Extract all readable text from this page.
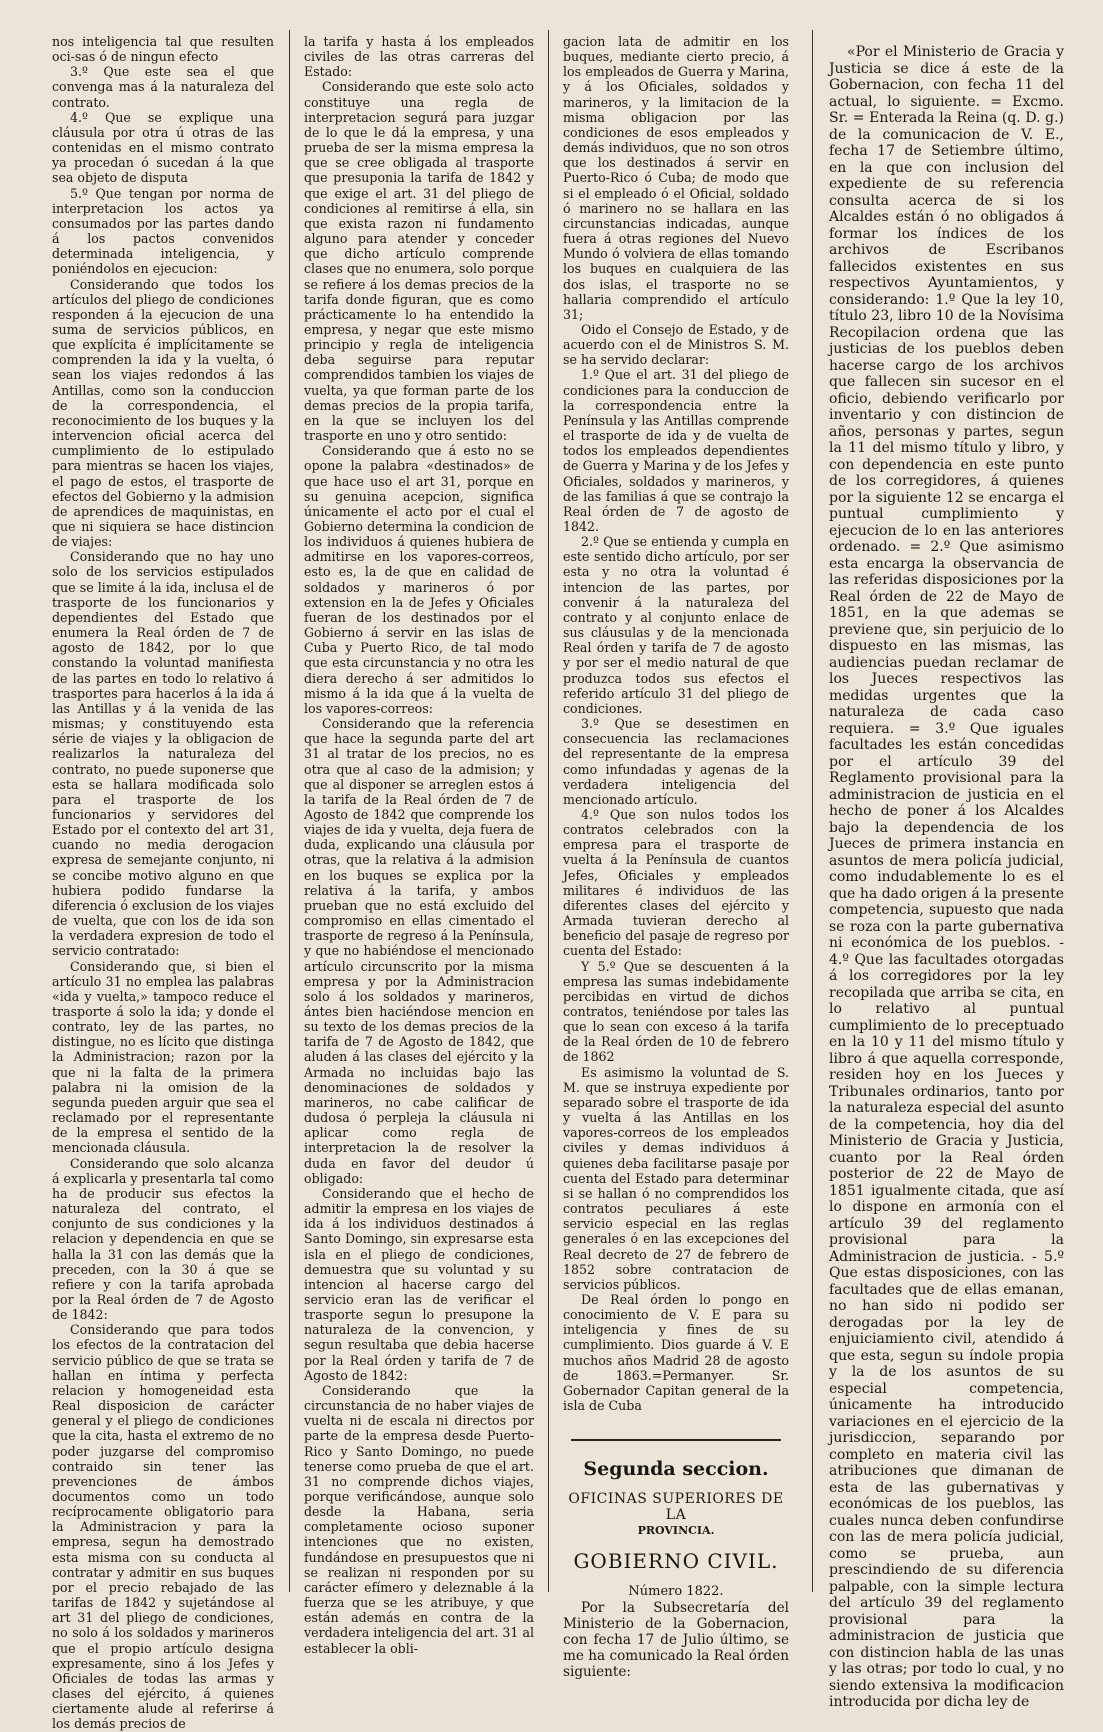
nos inteligencia tal que resulten oci-sas ó de ningun efecto

3.º Que este sea el que convenga mas á la naturaleza del contrato.

4.º Que se explique una cláusula por otra ú otras de las contenidas en el mismo contrato ya procedan ó sucedan á la que sea objeto de disputa

5.º Que tengan por norma de interpretacion los actos ya consumados por las partes dando á los pactos convenidos determinada inteligencia, y poniéndolos en ejecucion:

Considerando que todos los artículos del pliego de condiciones responden á la ejecucion de una suma de servicios públicos, en que explícita é implícitamente se comprenden la ida y la vuelta, ó sean los viajes redondos á las Antillas, como son la conduccion de la correspondencia, el reconocimiento de los buques y la intervencion oficial acerca del cumplimiento de lo estipulado para mientras se hacen los viajes, el pago de estos, el trasporte de efectos del Gobierno y la admision de aprendices de maquinistas, en que ni siquiera se hace distincion de viajes:

Considerando que no hay uno solo de los servicios estipulados que se limite á la ida, inclusa el de trasporte de los funcionarios y dependientes del Estado que enumera la Real órden de 7 de agosto de 1842, por lo que constando la voluntad manifiesta de las partes en todo lo relativo á trasportes para hacerlos á la ida á las Antillas y á la venida de las mismas; y constituyendo esta série de viajes y la obligacion de realizarlos la naturaleza del contrato, no puede suponerse que esta se hallara modificada solo para el trasporte de los funcionarios y servidores del Estado por el contexto del art 31, cuando no media derogacion expresa de semejante conjunto, ni se concibe motivo alguno en que hubiera podido fundarse la diferencia ó exclusion de los viajes de vuelta, que con los de ida son la verdadera expresion de todo el servicio contratado:

Considerando que, si bien el artículo 31 no emplea las palabras «ida y vuelta,» tampoco reduce el trasporte á solo la ida; y donde el contrato, ley de las partes, no distingue, no es lícito que distinga la Administracion; razon por la que ni la falta de la primera palabra ni la omision de la segunda pueden arguir que sea el reclamado por el representante de la empresa el sentido de la mencionada cláusula.

Considerando que solo alcanza á explicarla y presentarla tal como ha de producir sus efectos la naturaleza del contrato, el conjunto de sus condiciones y la relacion y dependencia en que se halla la 31 con las demás que la preceden, con la 30 á que se refiere y con la tarifa aprobada por la Real órden de 7 de Agosto de 1842:

Considerando que para todos los efectos de la contratacion del servicio público de que se trata se hallan en íntima y perfecta relacion y homogeneidad esta Real disposicion de carácter general y el pliego de condiciones que la cita, hasta el extremo de no poder juzgarse del compromiso contraido sin tener las prevenciones de ámbos documentos como un todo recíprocamente obligatorio para la Administracion y para la empresa, segun ha demostrado esta misma con su conducta al contratar y admitir en sus buques por el precio rebajado de las tarifas de 1842 y sujetándose al art 31 del pliego de condiciones, no solo á los soldados y marineros que el propio artículo designa expresamente, sino á los Jefes y Oficiales de todas las armas y clases del ejército, á quienes ciertamente alude al referirse á los demás precios de

la tarifa y hasta á los empleados civiles de las otras carreras del Estado:

Considerando que este solo acto constituye una regla de interpretacion segurá para juzgar de lo que le dá la empresa, y una prueba de ser la misma empresa la que se cree obligada al trasporte que presuponia la tarifa de 1842 y que exige el art. 31 del pliego de condiciones al remitirse á ella, sin que exista razon ni fundamento alguno para atender y conceder que dicho artículo comprende clases que no enumera, solo porque se refiere á los demas precios de la tarifa donde figuran, que es como prácticamente lo ha entendido la empresa, y negar que este mismo principio y regla de inteligencia deba seguirse para reputar comprendidos tambien los viajes de vuelta, ya que forman parte de los demas precios de la propia tarifa, en la que se incluyen los del trasporte en uno y otro sentido:

Considerando que á esto no se opone la palabra «destinados» de que hace uso el art 31, porque en su genuina acepcion, significa únicamente el acto por el cual el Gobierno determina la condicion de los individuos á quienes hubiera de admitirse en los vapores-correos, esto es, la de que en calidad de soldados y marineros ó por extension en la de Jefes y Oficiales fueran de los destinados por el Gobierno á servir en las islas de Cuba y Puerto Rico, de tal modo que esta circunstancia y no otra les diera derecho á ser admitidos lo mismo á la ida que á la vuelta de los vapores-correos:

Considerando que la referencia que hace la segunda parte del art 31 al tratar de los precios, no es otra que al caso de la admision; y que al disponer se arreglen estos á la tarifa de la Real órden de 7 de Agosto de 1842 que comprende los viajes de ida y vuelta, deja fuera de duda, explicando una cláusula por otras, que la relativa á la admision en los buques se explica por la relativa á la tarifa, y ambos prueban que no está excluido del compromiso en ellas cimentado el trasporte de regreso á la Península, y que no habiéndose el mencionado artículo circunscrito por la misma empresa y por la Administracion solo á los soldados y marineros, ántes bien haciéndose mencion en su texto de los demas precios de la tarifa de 7 de Agosto de 1842, que aluden á las clases del ejército y la Armada no incluidas bajo las denominaciones de soldados y marineros, no cabe calificar de dudosa ó perpleja la cláusula ni aplicar como regla de interpretacion la de resolver la duda en favor del deudor ú obligado:

Considerando que el hecho de admitir la empresa en los viajes de ida á los individuos destinados á Santo Domingo, sin expresarse esta isla en el pliego de condiciones, demuestra que su voluntad y su intencion al hacerse cargo del servicio eran las de verificar el trasporte segun lo presupone la naturaleza de la convencion, y segun resultaba que debia hacerse por la Real órden y tarifa de 7 de Agosto de 1842:

Considerando que la circunstancia de no haber viajes de vuelta ni de escala ni directos por parte de la empresa desde Puerto-Rico y Santo Domingo, no puede tenerse como prueba de que el art. 31 no comprende dichos viajes, porque verificándose, aunque solo desde la Habana, seria completamente ocioso suponer intenciones que no existen, fundándose en presupuestos que ni se realizan ni responden por su carácter efímero y deleznable á la fuerza que se les atribuye, y que están además en contra de la verdadera inteligencia del art. 31 al establecer la obli-

gacion lata de admitir en los buques, mediante cierto precio, á los empleados de Guerra y Marina, y á los Oficiales, soldados y marineros, y la limitacion de la misma obligacion por las condiciones de esos empleados y demás individuos, que no son otros que los destinados á servir en Puerto-Rico ó Cuba; de modo que si el empleado ó el Oficial, soldado ó marinero no se hallara en las circunstancias indicadas, aunque fuera á otras regiones del Nuevo Mundo ó volviera de ellas tomando los buques en cualquiera de las dos islas, el trasporte no se hallaria comprendido el artículo 31;

Oido el Consejo de Estado, y de acuerdo con el de Ministros S. M. se ha servido declarar:

1.º Que el art. 31 del pliego de condiciones para la conduccion de la correspondencia entre la Península y las Antillas comprende el trasporte de ida y de vuelta de todos los empleados dependientes de Guerra y Marina y de los Jefes y Oficiales, soldados y marineros, y de las familias á que se contrajo la Real órden de 7 de agosto de 1842.

2.º Que se entienda y cumpla en este sentido dicho artículo, por ser esta y no otra la voluntad é intencion de las partes, por convenir á la naturaleza del contrato y al conjunto enlace de sus cláusulas y de la mencionada Real órden y tarifa de 7 de agosto y por ser el medio natural de que produzca todos sus efectos el referido artículo 31 del pliego de condiciones.

3.º Que se desestimen en consecuencia las reclamaciones del representante de la empresa como infundadas y agenas de la verdadera inteligencia del mencionado artículo.

4.º Que son nulos todos los contratos celebrados con la empresa para el trasporte de vuelta á la Península de cuantos Jefes, Oficiales y empleados militares é individuos de las diferentes clases del ejército y Armada tuvieran derecho al beneficio del pasaje de regreso por cuenta del Estado:

Y 5.º Que se descuenten á la empresa las sumas indebidamente percibidas en virtud de dichos contratos, teniéndose por tales las que lo sean con exceso á la tarifa de la Real órden de 10 de febrero de 1862

Es asimismo la voluntad de S. M. que se instruya expediente por separado sobre el trasporte de ida y vuelta á las Antillas en los vapores-correos de los empleados civiles y demas individuos á quienes deba facilitarse pasaje por cuenta del Estado para determinar si se hallan ó no comprendidos los contratos peculiares á este servicio especial en las reglas generales ó en las excepciones del Real decreto de 27 de febrero de 1852 sobre contratacion de servicios públicos.

De Real órden lo pongo en conocimiento de V. E para su inteligencia y fines de su cumplimiento. Dios guarde á V. E muchos años Madrid 28 de agosto de 1863.=Permanyer. Sr. Gobernador Capitan general de la isla de Cuba

Segunda seccion.

OFICINAS SUPERIORES DE LA

PROVINCIA.

GOBIERNO CIVIL.

Número 1822.

Por la Subsecretaría del Ministerio de la Gobernacion, con fecha 17 de Julio último, se me ha comunicado la Real órden siguiente:

«Por el Ministerio de Gracia y Justicia se dice á este de la Gobernacion, con fecha 11 del actual, lo siguiente. = Excmo. Sr. = Enterada la Reina (q. D. g.) de la comunicacion de V. E., fecha 17 de Setiembre último, en la que con inclusion del expediente de su referencia consulta acerca de si los Alcaldes están ó no obligados á formar los índices de los archivos de Escribanos fallecidos existentes en sus respectivos Ayuntamientos, y considerando: 1.º Que la ley 10, título 23, libro 10 de la Novísima Recopilacion ordena que las justicias de los pueblos deben hacerse cargo de los archivos que fallecen sin sucesor en el oficio, debiendo verificarlo por inventario y con distincion de años, personas y partes, segun la 11 del mismo título y libro, y con dependencia en este punto de los corregidores, á quienes por la siguiente 12 se encarga el puntual cumplimiento y ejecucion de lo en las anteriores ordenado. = 2.º Que asimismo esta encarga la observancia de las referidas disposiciones por la Real órden de 22 de Mayo de 1851, en la que ademas se previene que, sin perjuicio de lo dispuesto en las mismas, las audiencias puedan reclamar de los Jueces respectivos las medidas urgentes que la naturaleza de cada caso requiera. = 3.º Que iguales facultades les están concedidas por el artículo 39 del Reglamento provisional para la administracion de justicia en el hecho de poner á los Alcaldes bajo la dependencia de los Jueces de primera instancia en asuntos de mera policía judicial, como indudablemente lo es el que ha dado origen á la presente competencia, supuesto que nada se roza con la parte gubernativa ni económica de los pueblos. - 4.º Que las facultades otorgadas á los corregidores por la ley recopilada que arriba se cita, en lo relativo al puntual cumplimiento de lo preceptuado en la 10 y 11 del mismo título y libro á que aquella corresponde, residen hoy en los Jueces y Tribunales ordinarios, tanto por la naturaleza especial del asunto de la competencia, hoy dia del Ministerio de Gracia y Justicia, cuanto por la Real órden posterior de 22 de Mayo de 1851 igualmente citada, que así lo dispone en armonía con el artículo 39 del reglamento provisional para la Administracion de justicia. - 5.º Que estas disposiciones, con las facultades que de ellas emanan, no han sido ni podido ser derogadas por la ley de enjuiciamiento civil, atendido á que esta, segun su índole propia y la de los asuntos de su especial competencia, únicamente ha introducido variaciones en el ejercicio de la jurisdiccion, separando por completo en materia civil las atribuciones que dimanan de esta de las gubernativas y económicas de los pueblos, las cuales nunca deben confundirse con las de mera policía judicial, como se prueba, aun prescindiendo de su diferencia palpable, con la simple lectura del artículo 39 del reglamento provisional para la administracion de justicia que con distincion habla de las unas y las otras; por todo lo cual, y no siendo extensiva la modificacion introducida por dicha ley de
